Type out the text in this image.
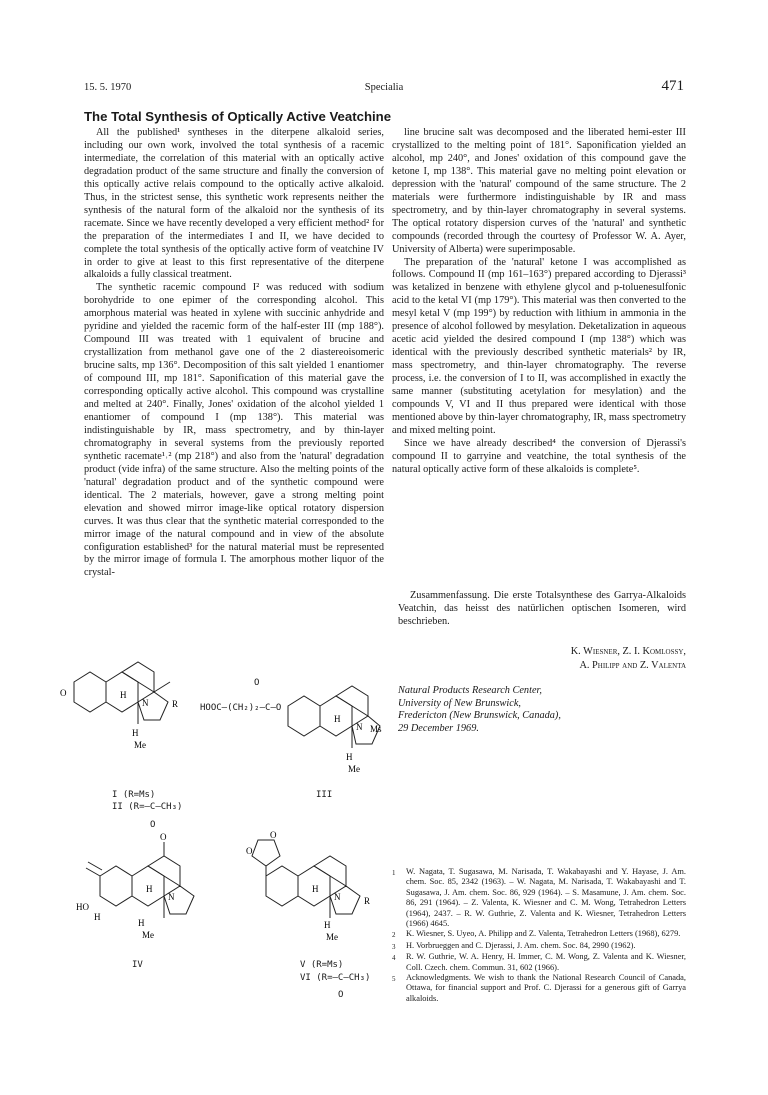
15. 5. 1970	Specialia	471
The Total Synthesis of Optically Active Veatchine

All the published¹ syntheses in the diterpene alkaloid series, including our own work, involved the total synthesis of a racemic intermediate, the correlation of this material with an optically active degradation product of the same structure and finally the conversion of this optically active relais compound to the optically active alkaloid. Thus, in the strictest sense, this synthetic work represents neither the synthesis of the natural form of the alkaloid nor the synthesis of its racemate. Since we have recently developed a very efficient method² for the preparation of the intermediates I and II, we have decided to complete the total synthesis of the optically active form of veatchine IV in order to give at least to this first representative of the diterpene alkaloids a fully classical treatment.

The synthetic racemic compound I² was reduced with sodium borohydride to one epimer of the corresponding alcohol. This amorphous material was heated in xylene with succinic anhydride and pyridine and yielded the racemic form of the half-ester III (mp 188°). Compound III was treated with 1 equivalent of brucine and crystallization from methanol gave one of the 2 diastereoisomeric brucine salts, mp 136°. Decomposition of this salt yielded 1 enantiomer of compound III, mp 181°. Saponification of this material gave the corresponding optically active alcohol. This compound was crystalline and melted at 240°. Finally, Jones' oxidation of the alcohol yielded 1 enantiomer of compound I (mp 138°). This material was indistinguishable by IR, mass spectrometry, and by thin-layer chromatography in several systems from the previously reported synthetic racemate¹˒² (mp 218°) and also from the 'natural' degradation product (vide infra) of the same structure. Also the melting points of the 'natural' degradation product and of the synthetic compound were identical. The 2 materials, however, gave a strong melting point elevation and showed mirror image-like optical rotatory dispersion curves. It was thus clear that the synthetic material corresponded to the mirror image of the natural compound and in view of the absolute configuration established³ for the natural material must be represented by the mirror image of formula I. The amorphous mother liquor of the crystal-

line brucine salt was decomposed and the liberated hemi-ester III crystallized to the melting point of 181°. Saponification yielded an alcohol, mp 240°, and Jones' oxidation of this compound gave the ketone I, mp 138°. This material gave no melting point elevation or depression with the 'natural' compound of the same structure. The 2 materials were furthermore indistinguishable by IR and mass spectrometry, and by thin-layer chromatography in several systems. The optical rotatory dispersion curves of the 'natural' and synthetic compounds (recorded through the courtesy of Professor W. A. Ayer, University of Alberta) were superimposable.

The preparation of the 'natural' ketone I was accomplished as follows. Compound II (mp 161–163°) prepared according to Djerassi³ was ketalized in benzene with ethylene glycol and p-toluenesulfonic acid to the ketal VI (mp 179°). This material was then converted to the mesyl ketal V (mp 199°) by reduction with lithium in ammonia in the presence of alcohol followed by mesylation. Deketalization in aqueous acetic acid yielded the desired compound I (mp 138°) which was identical with the previously described synthetic materials² by IR, mass spectrometry, and thin-layer chromatography. The reverse process, i.e. the conversion of I to II, was accomplished in exactly the same manner (substituting acetylation for mesylation) and the compounds V, VI and II thus prepared were identical with those mentioned above by thin-layer chromatography, IR, mass spectrometry and mixed melting point.

Since we have already described⁴ the conversion of Djerassi's compound II to garryine and veatchine, the total synthesis of the natural optically active form of these alkaloids is complete⁵.

Zusammenfassung. Die erste Totalsynthese des Garrya-Alkaloids Veatchin, das heisst des natürlichen optischen Isomeren, wird beschrieben.
K. Wiesner, Z. I. Komlossy,
A. Philipp and Z. Valenta
Natural Products Research Center,
University of New Brunswick,
Fredericton (New Brunswick, Canada),
29 December 1969.
O	H
N	R
H
Me
I (R=Ms)
II (R=–C–CH₃)
O
O
HOOC–(CH₂)₂–C–O
H
N Ms
H
Me
III
O
H
N
HO
H
H
Me
IV
O
O
H
N	R
H
Me
V (R=Ms)
VI (R=–C–CH₃)
O
1	W. Nagata, T. Sugasawa, M. Narisada, T. Wakabayashi and Y. Hayase, J. Am. chem. Soc. 85, 2342 (1963). – W. Nagata, M. Narisada, T. Wakabayashi and T. Sugasawa, J. Am. chem. Soc. 86, 929 (1964). – S. Masamune, J. Am. chem. Soc. 86, 291 (1964). – Z. Valenta, K. Wiesner and C. M. Wong, Tetrahedron Letters (1964), 2437. – R. W. Guthrie, Z. Valenta and K. Wiesner, Tetrahedron Letters (1966) 4645.
2	K. Wiesner, S. Uyeo, A. Philipp and Z. Valenta, Tetrahedron Letters (1968), 6279.
3	H. Vorbrueggen and C. Djerassi, J. Am. chem. Soc. 84, 2990 (1962).
4	R. W. Guthrie, W. A. Henry, H. Immer, C. M. Wong, Z. Valenta and K. Wiesner, Coll. Czech. chem. Commun. 31, 602 (1966).
5	Acknowledgments. We wish to thank the National Research Council of Canada, Ottawa, for financial support and Prof. C. Djerassi for a generous gift of Garrya alkaloids.
